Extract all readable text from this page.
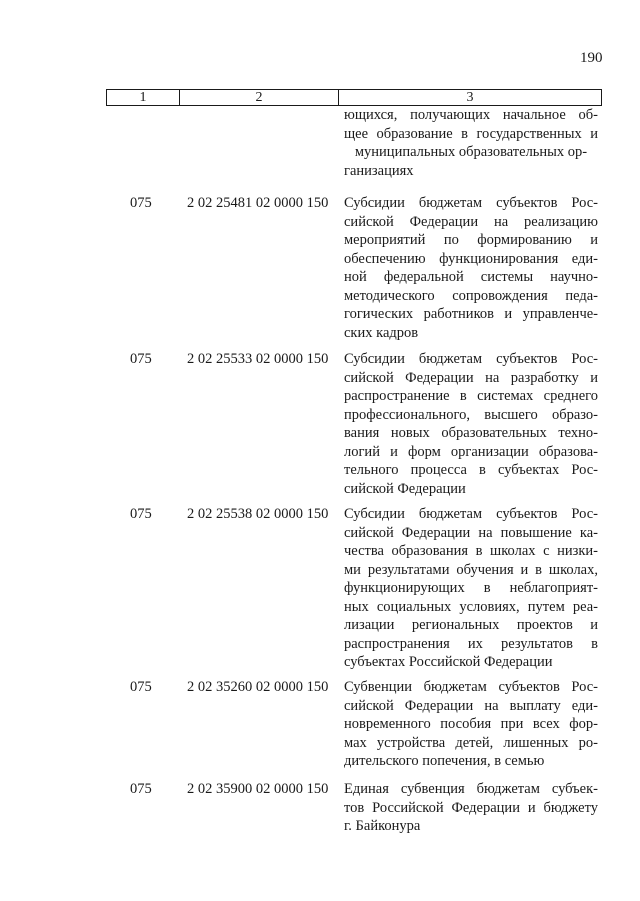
190
1	2	3
ющихся, получающих начальное об-
щее образование в государственных и
муниципальных образовательных ор-
ганизациях
075	2 02 25481 02 0000 150	Субсидии бюджетам субъектов Рос-
сийской Федерации на реализацию
мероприятий по формированию и
обеспечению функционирования еди-
ной федеральной системы научно-
методического сопровождения педа-
гогических работников и управленче-
ских кадров
075	2 02 25533 02 0000 150	Субсидии бюджетам субъектов Рос-
сийской Федерации на разработку и
распространение в системах среднего
профессионального, высшего образо-
вания новых образовательных техно-
логий и форм организации образова-
тельного процесса в субъектах Рос-
сийской Федерации
075	2 02 25538 02 0000 150	Субсидии бюджетам субъектов Рос-
сийской Федерации на повышение ка-
чества образования в школах с низки-
ми результатами обучения и в школах,
функционирующих в неблагоприят-
ных социальных условиях, путем реа-
лизации региональных проектов и
распространения их результатов в
субъектах Российской Федерации
075	2 02 35260 02 0000 150	Субвенции бюджетам субъектов Рос-
сийской Федерации на выплату еди-
новременного пособия при всех фор-
мах устройства детей, лишенных ро-
дительского попечения, в семью
075	2 02 35900 02 0000 150	Единая субвенция бюджетам субъек-
тов Российской Федерации и бюджету
г. Байконура
